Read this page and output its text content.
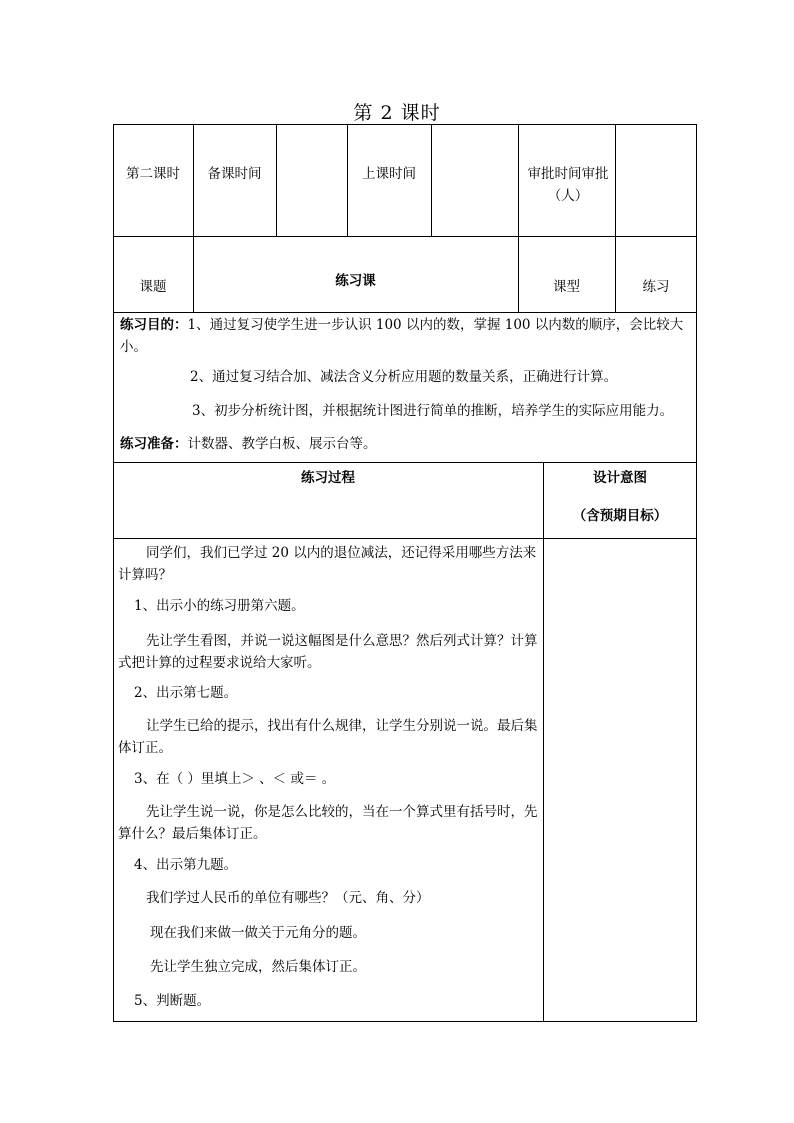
第 2 课时
第二课时	备课时间	上课时间	审批时间审批（人）
课题	练习课	课型	练习
练习目的：1、通过复习使学生进一步认识 100 以内的数，掌握 100 以内数的顺序，会比较大小。
2、通过复习结合加、减法含义分析应用题的数量关系，正确进行计算。
3、初步分析统计图，并根据统计图进行简单的推断，培养学生的实际应用能力。
练习准备：计数器、教学白板、展示台等。
练习过程	设计意图
（含预期目标）
同学们，我们已学过 20 以内的退位减法，还记得采用哪些方法来计算吗？
1、出示小的练习册第六题。
先让学生看图，并说一说这幅图是什么意思？然后列式计算？计算式把计算的过程要求说给大家听。
2、出示第七题。
让学生已给的提示，找出有什么规律，让学生分别说一说。最后集体订正。
3、在（ ）里填上＞ 、＜ 或＝ 。
先让学生说一说，你是怎么比较的，当在一个算式里有括号时，先算什么？最后集体订正。
4、出示第九题。
我们学过人民币的单位有哪些？（元、角、分）
现在我们来做一做关于元角分的题。
先让学生独立完成，然后集体订正。
5、判断题。
